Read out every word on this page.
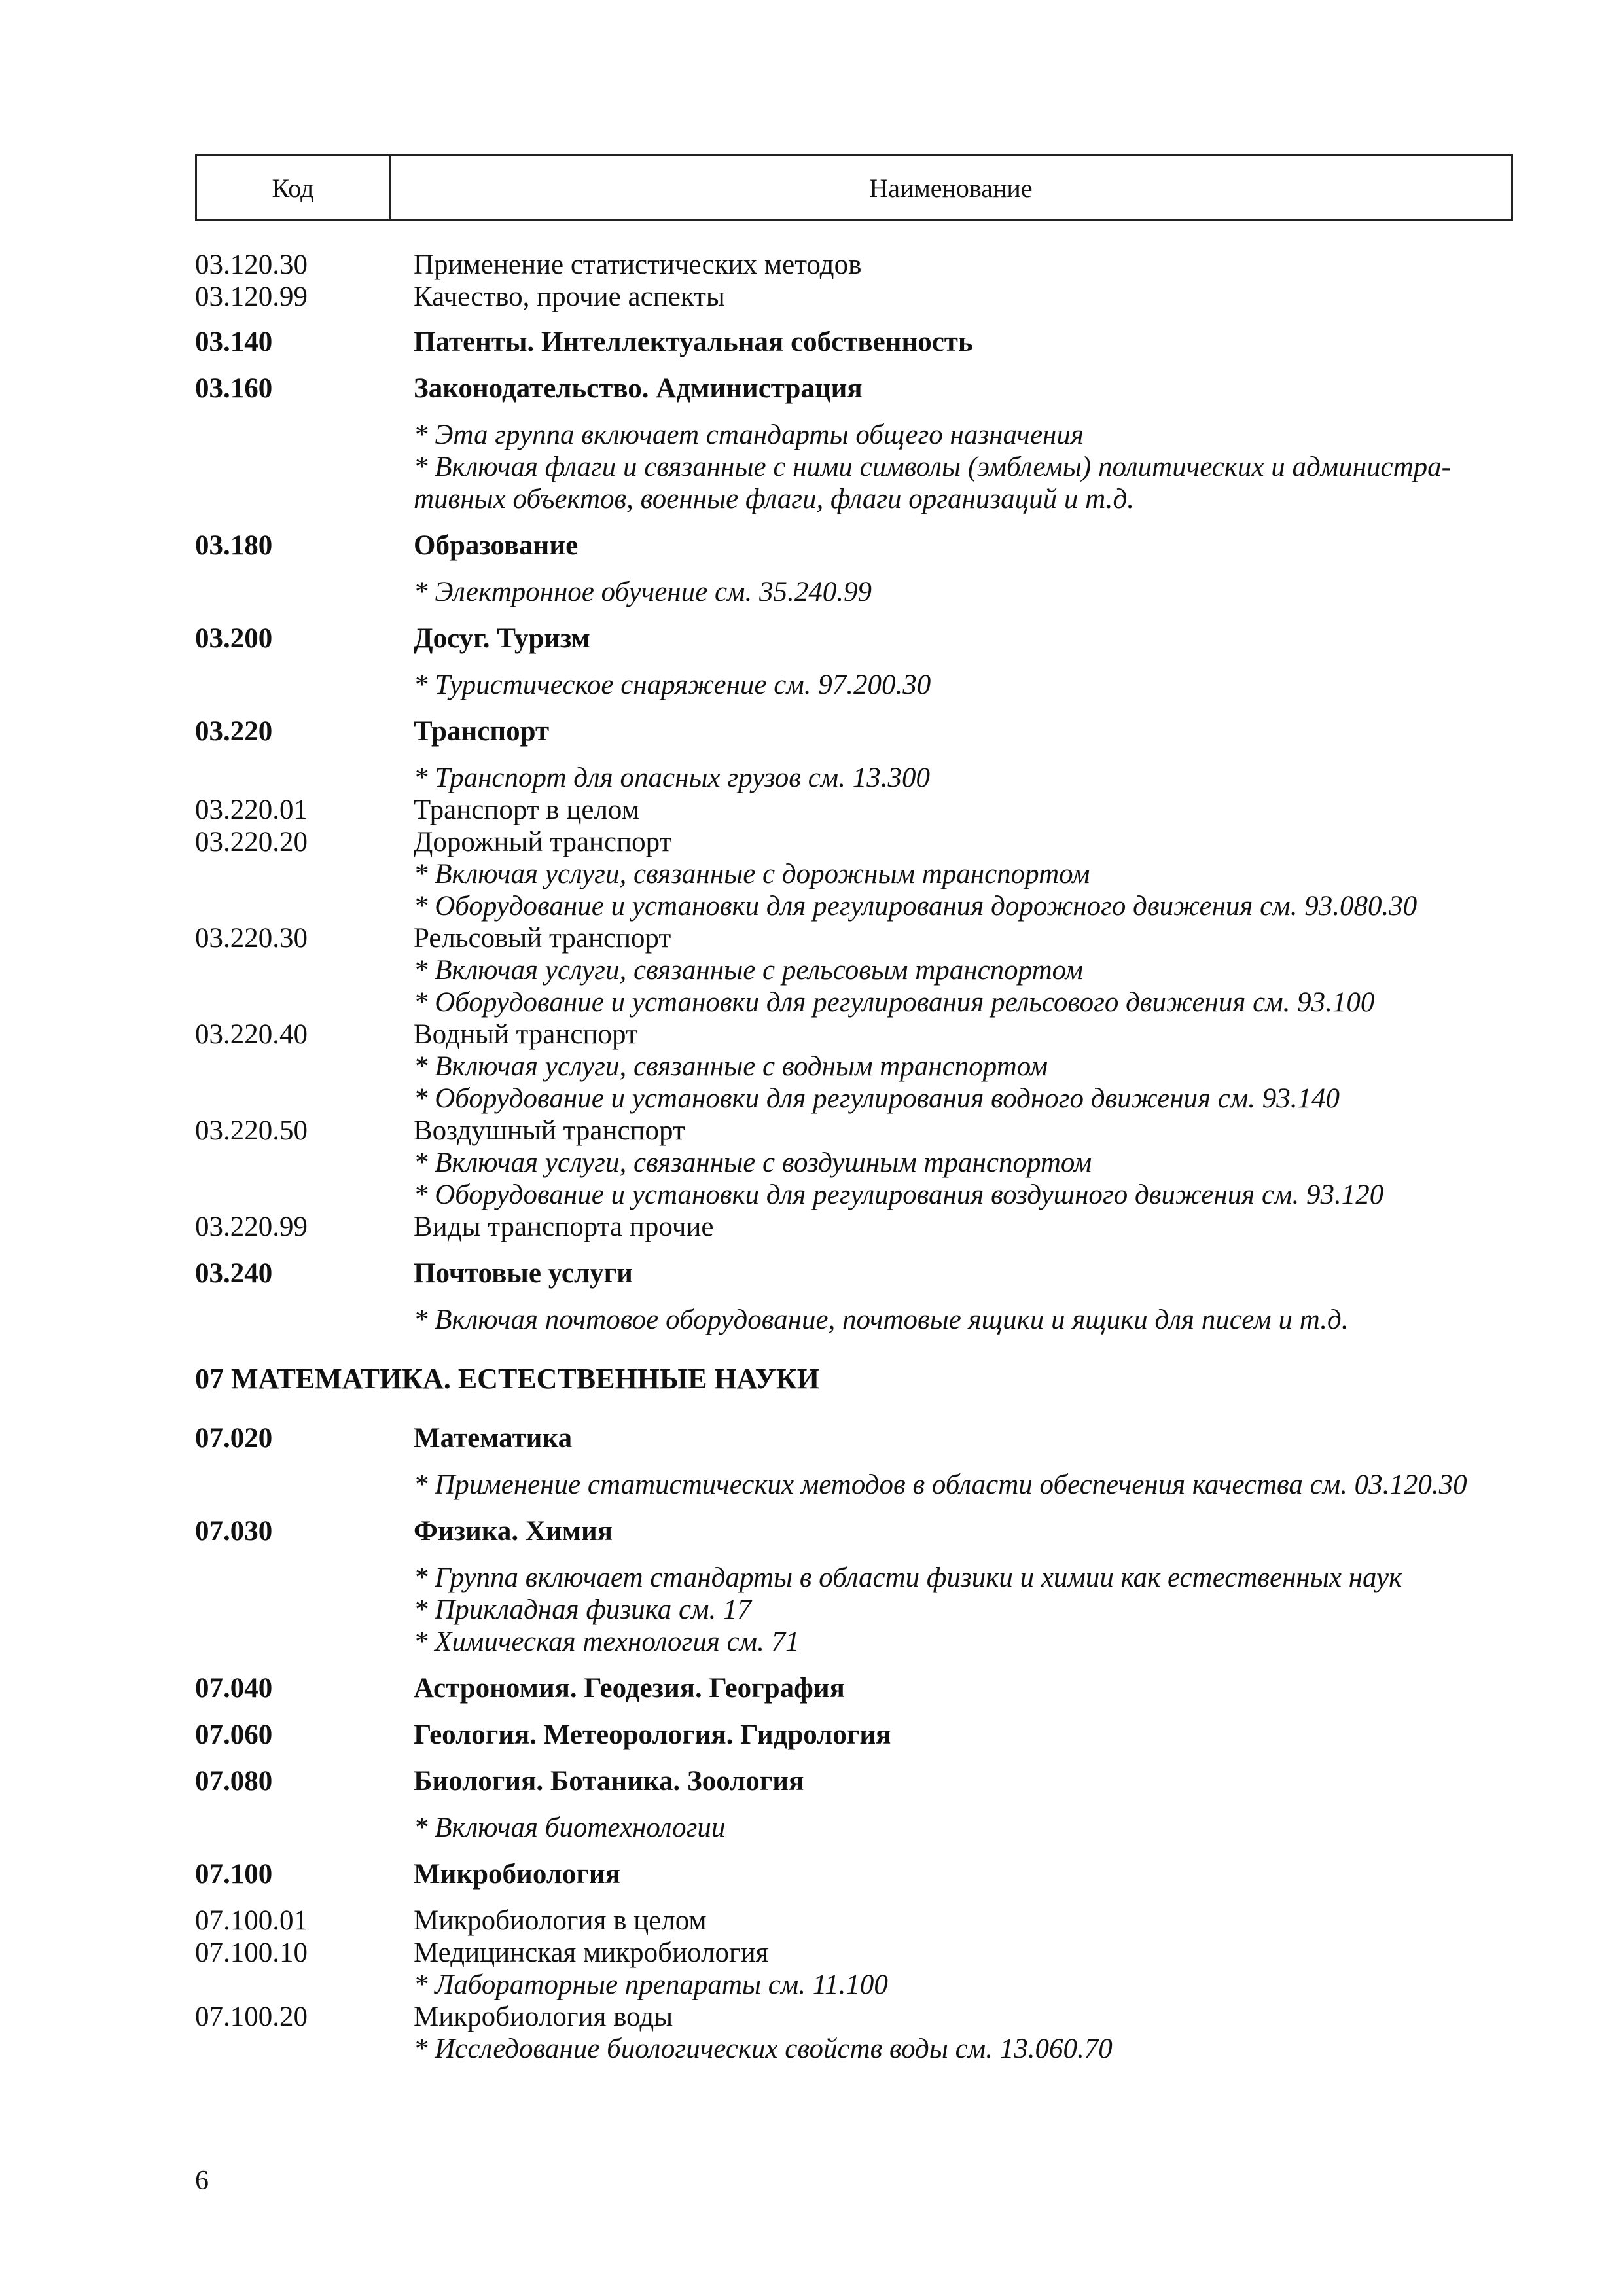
Код	Наименование
03.120.30	Применение статистических методов
03.120.99	Качество, прочие аспекты
03.140	Патенты. Интеллектуальная собственность
03.160	Законодательство. Администрация
* Эта группа включает стандарты общего назначения
* Включая флаги и связанные с ними символы (эмблемы) политических и администра-
тивных объектов, военные флаги, флаги организаций и т.д.
03.180	Образование
* Электронное обучение см. 35.240.99
03.200	Досуг. Туризм
* Туристическое снаряжение см. 97.200.30
03.220	Транспорт
* Транспорт для опасных грузов см. 13.300
03.220.01	Транспорт в целом
03.220.20	Дорожный транспорт
* Включая услуги, связанные с дорожным транспортом
* Оборудование и установки для регулирования дорожного движения см. 93.080.30
03.220.30	Рельсовый транспорт
* Включая услуги, связанные с рельсовым транспортом
* Оборудование и установки для регулирования рельсового движения см. 93.100
03.220.40	Водный транспорт
* Включая услуги, связанные с водным транспортом
* Оборудование и установки для регулирования водного движения см. 93.140
03.220.50	Воздушный транспорт
* Включая услуги, связанные с воздушным транспортом
* Оборудование и установки для регулирования воздушного движения см. 93.120
03.220.99	Виды транспорта прочие
03.240	Почтовые услуги
* Включая почтовое оборудование, почтовые ящики и ящики для писем и т.д.
07 МАТЕМАТИКА. ЕСТЕСТВЕННЫЕ НАУКИ
07.020	Математика
* Применение статистических методов в области обеспечения качества см. 03.120.30
07.030	Физика. Химия
* Группа включает стандарты в области физики и химии как естественных наук
* Прикладная физика см. 17
* Химическая технология см. 71
07.040	Астрономия. Геодезия. География
07.060	Геология. Метеорология. Гидрология
07.080	Биология. Ботаника. Зоология
* Включая биотехнологии
07.100	Микробиология
07.100.01	Микробиология в целом
07.100.10	Медицинская микробиология
* Лабораторные препараты см. 11.100
07.100.20	Микробиология воды
* Исследование биологических свойств воды см. 13.060.70
6
